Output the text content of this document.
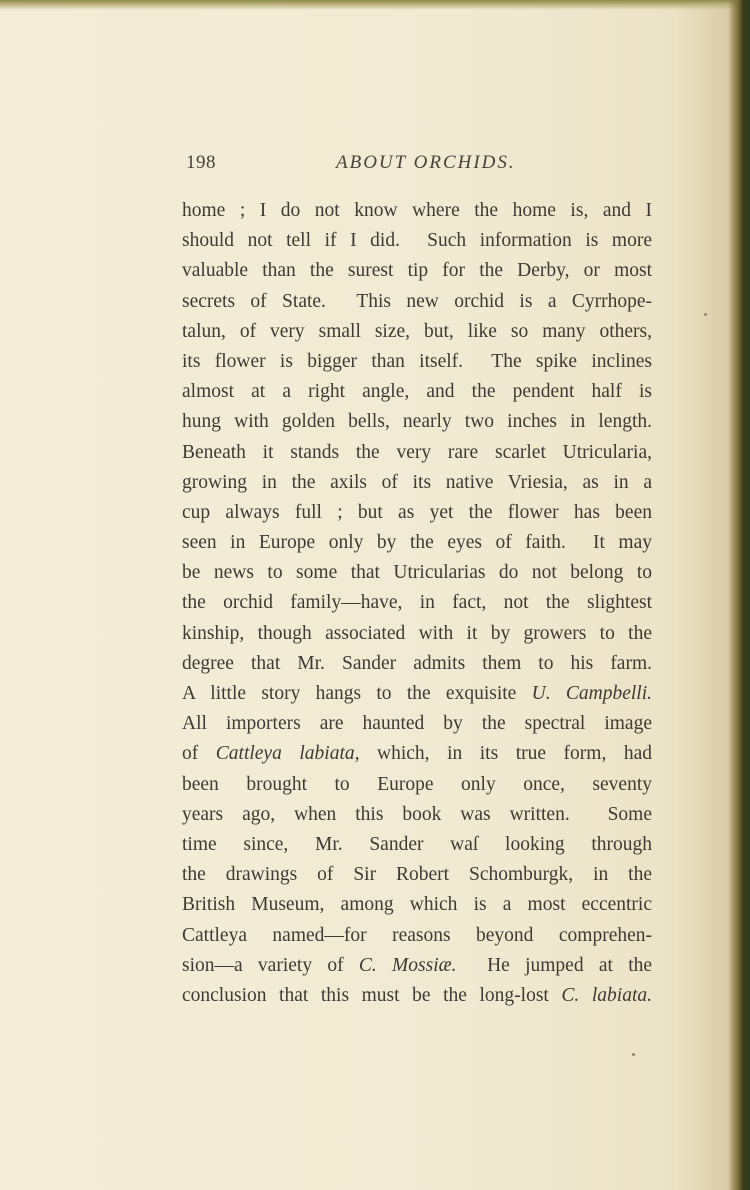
198	ABOUT ORCHIDS.
home ; I do not know where the home is, and I
should not tell if I did.  Such information is more
valuable than the surest tip for the Derby, or most
secrets of State.  This new orchid is a Cyrrhope-
talun, of very small size, but, like so many others,
its flower is bigger than itself.  The spike inclines
almost at a right angle, and the pendent half is
hung with golden bells, nearly two inches in length.
Beneath it stands the very rare scarlet Utricularia,
growing in the axils of its native Vriesia, as in a
cup always full ; but as yet the flower has been
seen in Europe only by the eyes of faith.  It may
be news to some that Utricularias do not belong to
the orchid family—have, in fact, not the slightest
kinship, though associated with it by growers to the
degree that Mr. Sander admits them to his farm.
A little story hangs to the exquisite U. Campbelli.
All importers are haunted by the spectral image
of Cattleya labiata, which, in its true form, had
been brought to Europe only once, seventy
years ago, when this book was written.  Some
time since, Mr. Sander waſ looking through
the drawings of Sir Robert Schomburgk, in the
British Museum, among which is a most eccentric
Cattleya named—for reasons beyond comprehen-
sion—a variety of C. Mossiæ.  He jumped at the
conclusion that this must be the long-lost C. labiata.
